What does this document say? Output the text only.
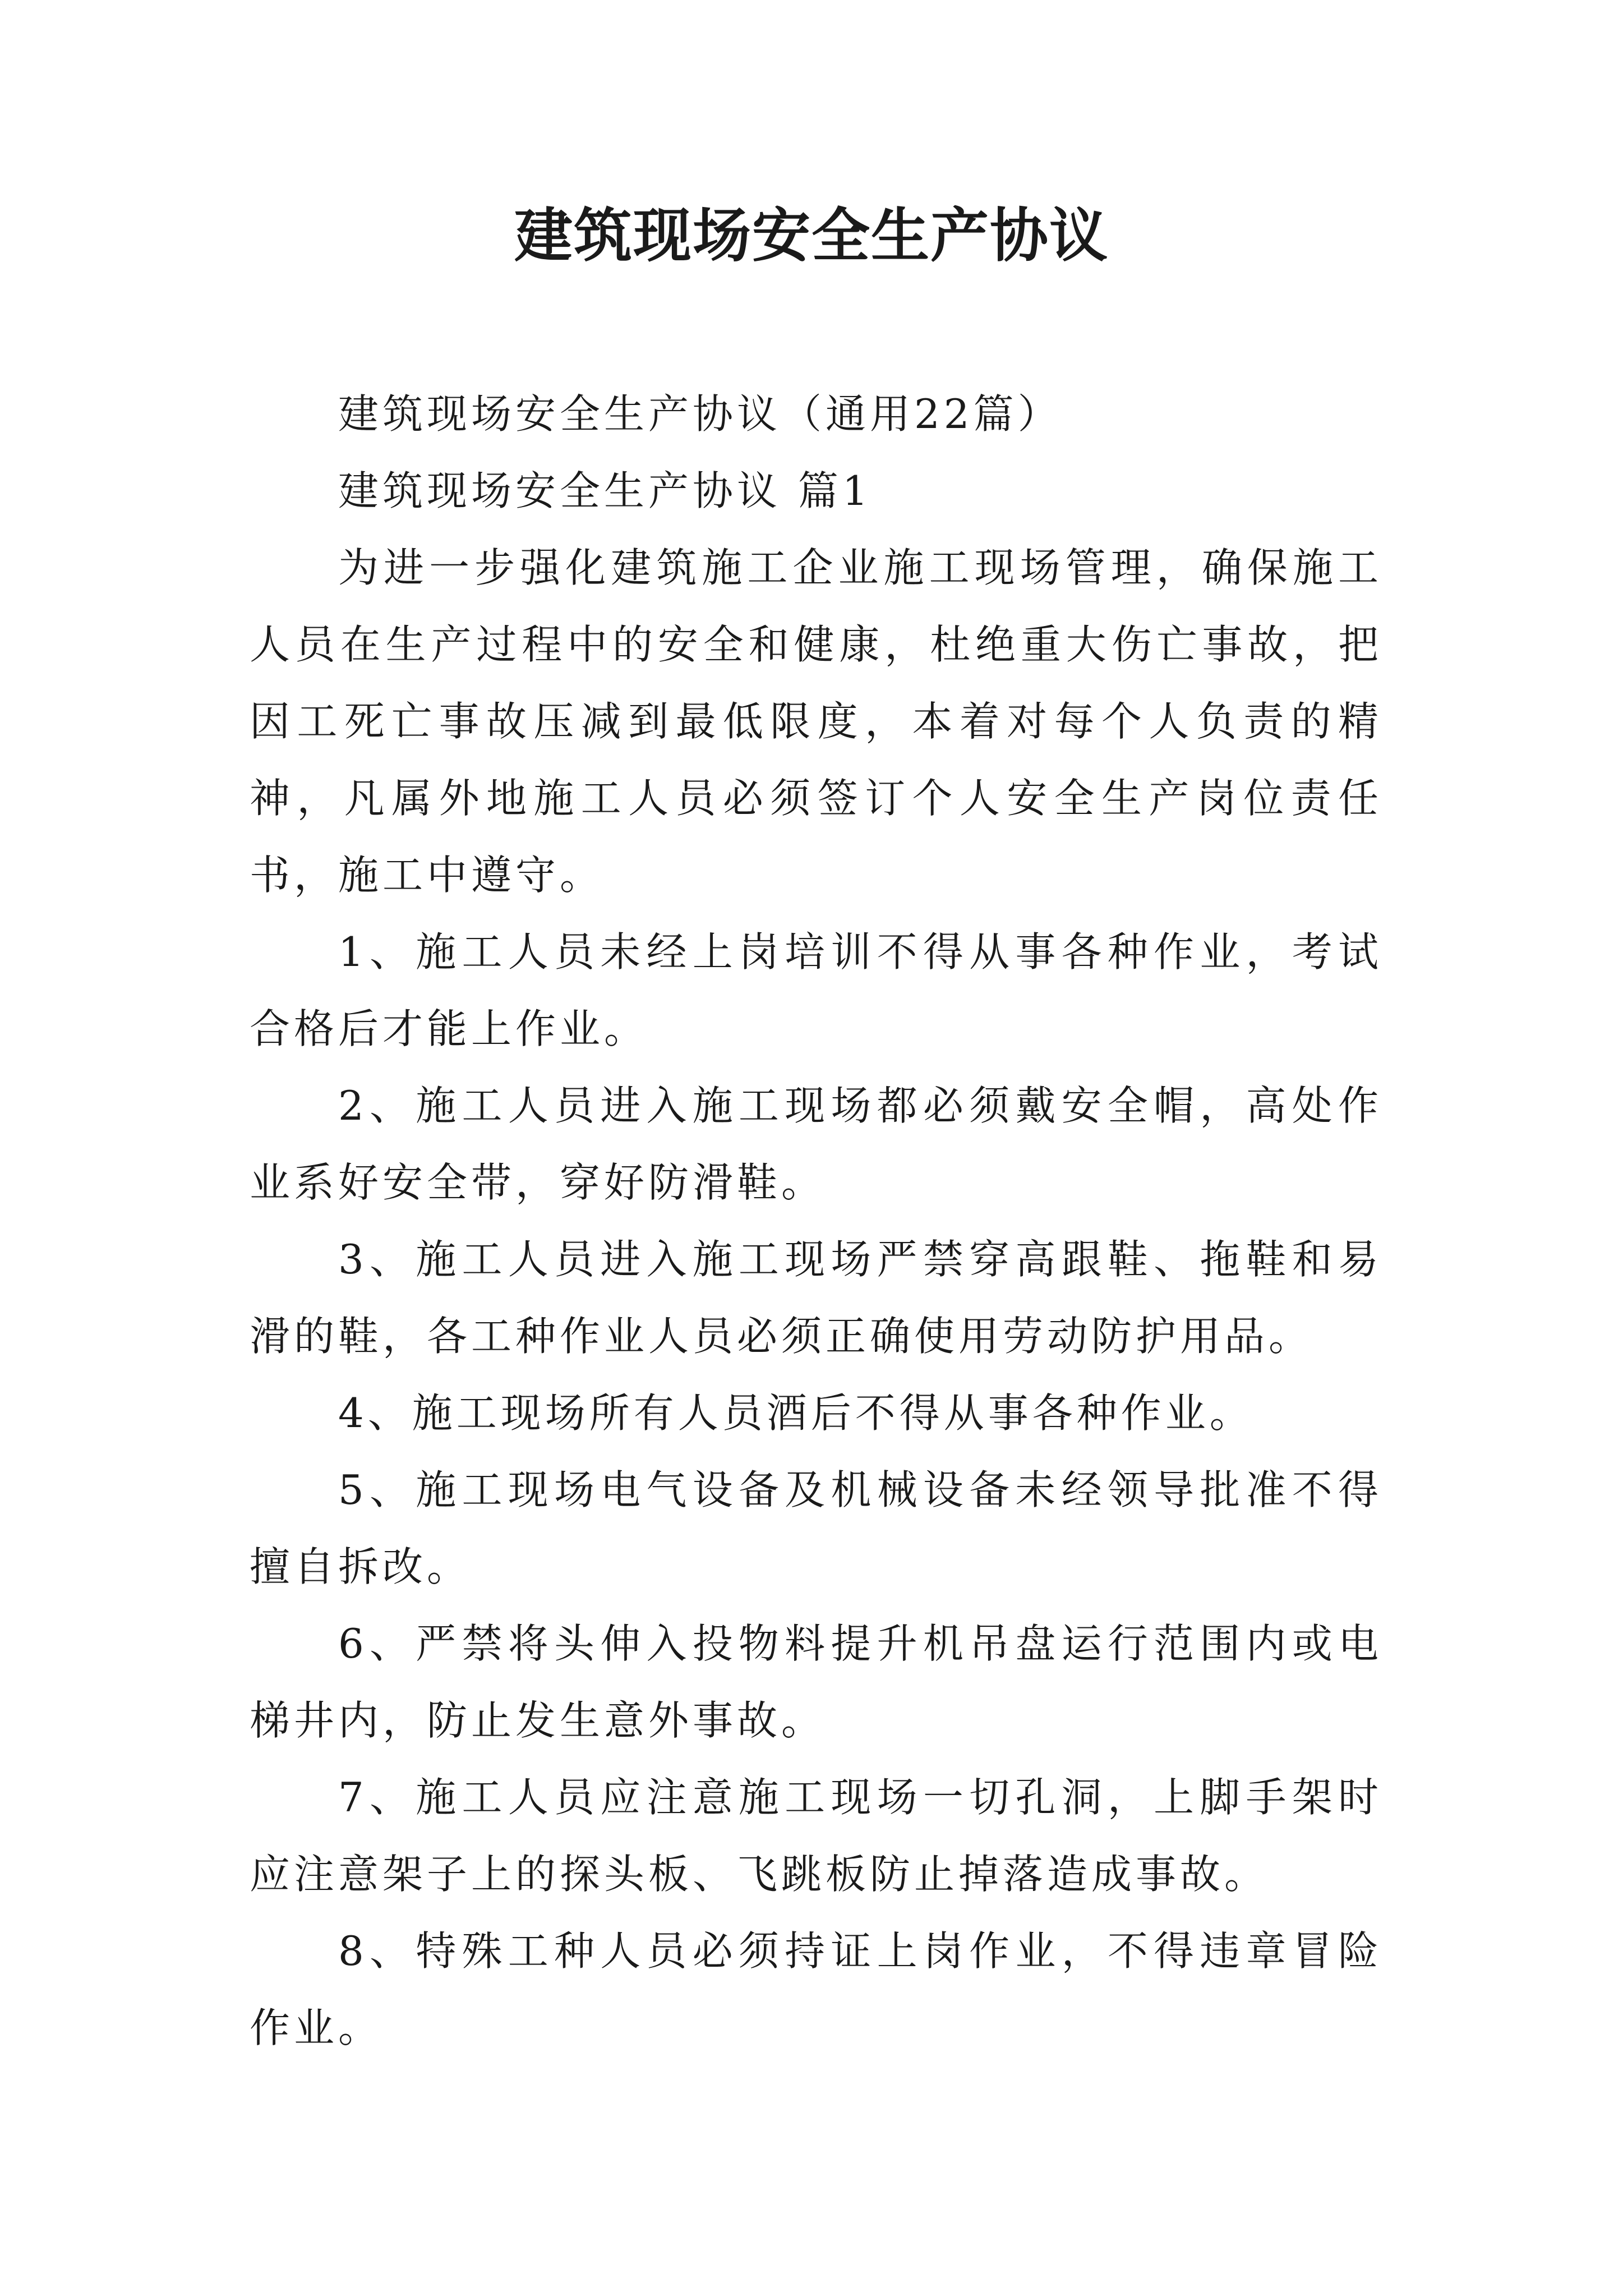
建筑现场安全生产协议

建筑现场安全生产协议（通用22篇）

建筑现场安全生产协议 篇1

为进一步强化建筑施工企业施工现场管理，确保施工人员在生产过程中的安全和健康，杜绝重大伤亡事故，把因工死亡事故压减到最低限度，本着对每个人负责的精神，凡属外地施工人员必须签订个人安全生产岗位责任书，施工中遵守。

1、施工人员未经上岗培训不得从事各种作业，考试合格后才能上作业。

2、施工人员进入施工现场都必须戴安全帽，高处作业系好安全带，穿好防滑鞋。

3、施工人员进入施工现场严禁穿高跟鞋、拖鞋和易滑的鞋，各工种作业人员必须正确使用劳动防护用品。

4、施工现场所有人员酒后不得从事各种作业。

5、施工现场电气设备及机械设备未经领导批准不得擅自拆改。

6、严禁将头伸入投物料提升机吊盘运行范围内或电梯井内，防止发生意外事故。

7、施工人员应注意施工现场一切孔洞，上脚手架时应注意架子上的探头板、飞跳板防止掉落造成事故。

8、特殊工种人员必须持证上岗作业，不得违章冒险作业。
